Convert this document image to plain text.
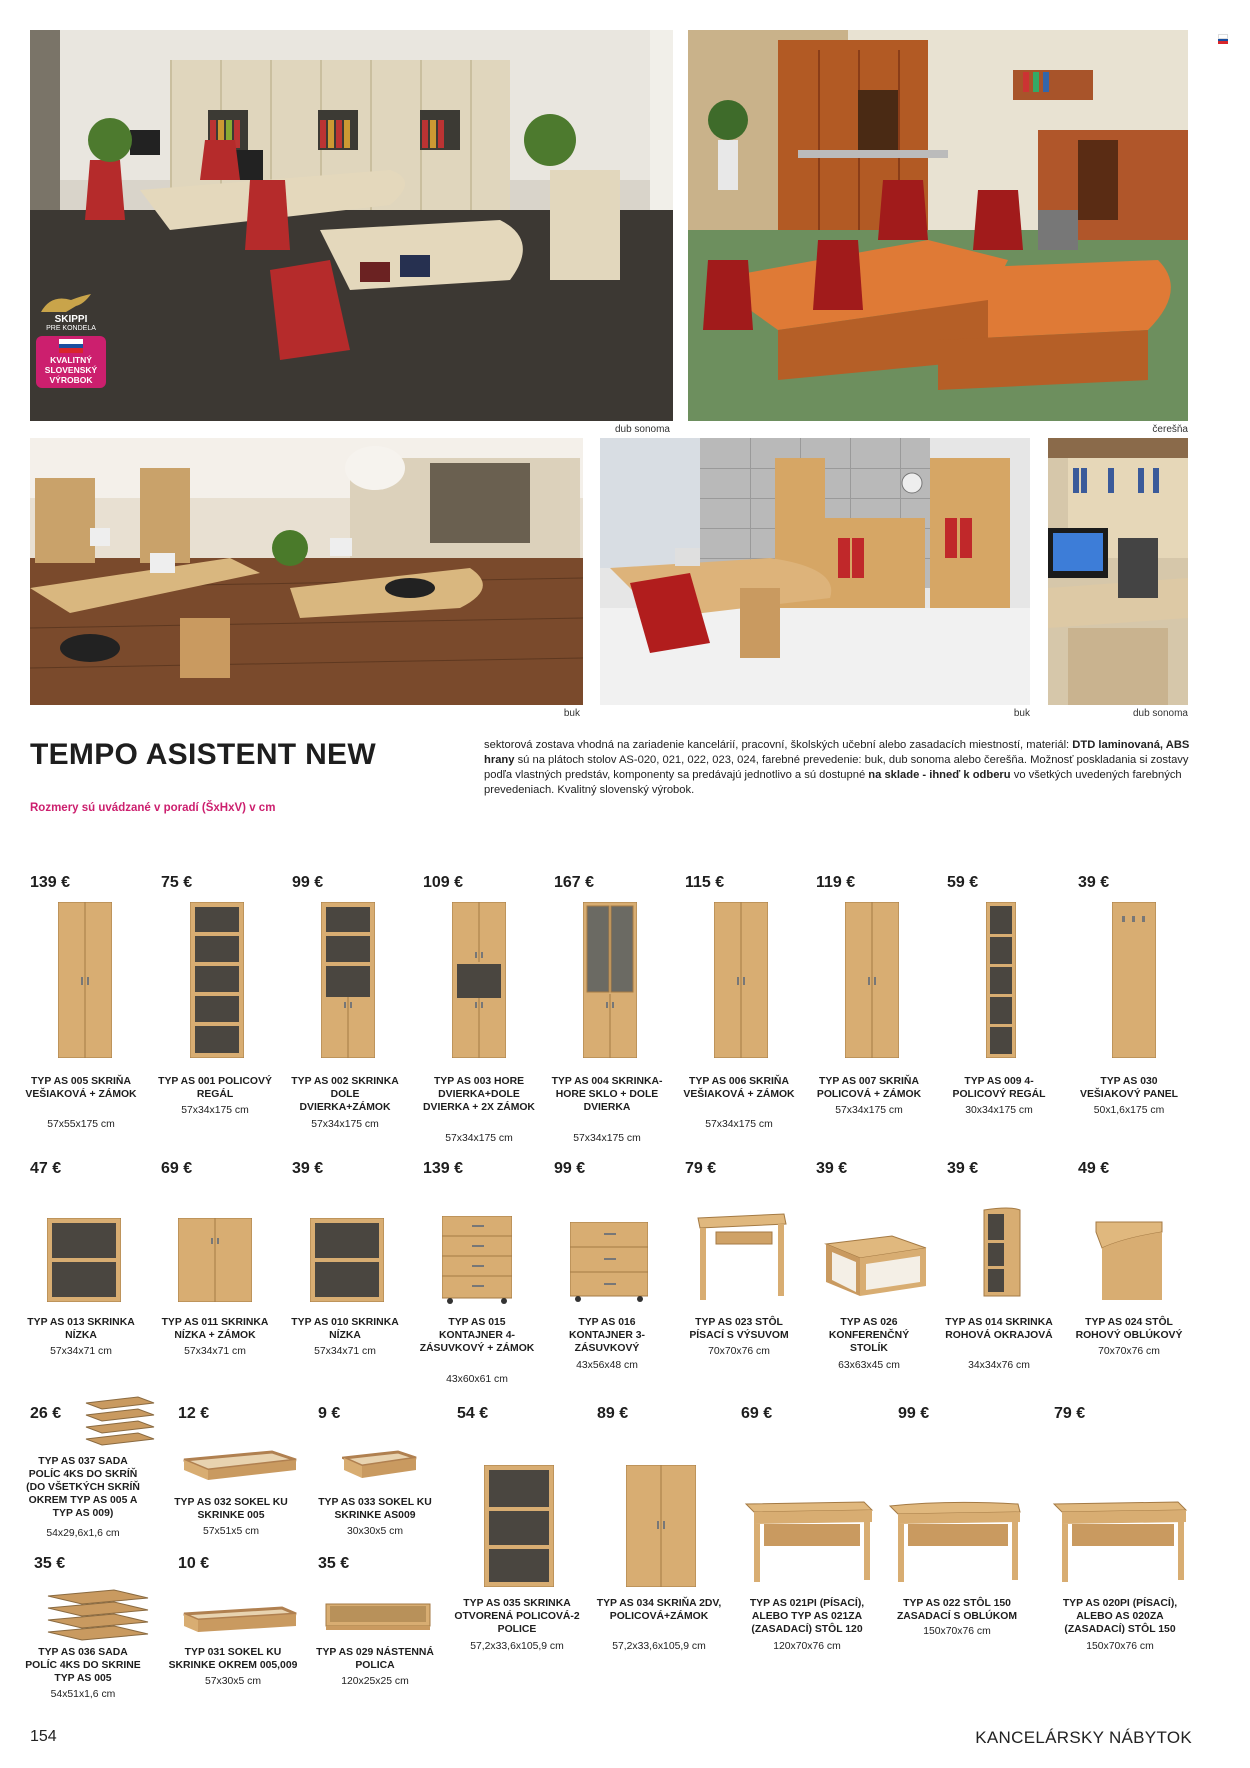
SKIPPI
PRE KONDELA
KVALITNÝ
SLOVENSKÝ
VÝROBOK
dub sonoma	čerešňa
buk	buk	dub sonoma
TEMPO ASISTENT NEW	sektorová zostava vhodná na zariadenie kancelárií, pracovní, školských učební alebo zasadacích miestností, materiál: DTD laminovaná, ABS hrany sú na plátoch stolov AS-020, 021, 022, 023, 024, farebné prevedenie: buk, dub sonoma alebo čerešňa. Možnosť poskladania si zostavy podľa vlastných predstáv, komponenty sa predávajú jednotlivo a sú dostupné na sklade - ihneď k odberu vo všetkých uvedených farebných prevedeniach. Kvalitný slovenský výrobok.
Rozmery sú uvádzané v poradí (ŠxHxV) v cm
139 €
TYP AS 005 SKRIŇA VEŠIAKOVÁ + ZÁMOK
57x55x175 cm
75 €
TYP AS 001 POLICOVÝ REGÁL
57x34x175 cm
99 €
TYP AS 002 SKRINKA DOLE DVIERKA+ZÁMOK
57x34x175 cm
109 €
TYP AS 003 HORE DVIERKA+DOLE DVIERKA + 2X ZÁMOK
57x34x175 cm
167 €
TYP AS 004 SKRINKA-HORE SKLO + DOLE DVIERKA
57x34x175 cm
115 €
TYP AS 006 SKRIŇA VEŠIAKOVÁ + ZÁMOK
57x34x175 cm
119 €
TYP AS 007 SKRIŇA POLICOVÁ + ZÁMOK
57x34x175 cm
59 €
TYP AS 009 4-POLICOVÝ REGÁL
30x34x175 cm
39 €
TYP AS 030 VEŠIAKOVÝ PANEL
50x1,6x175 cm
47 €
TYP AS 013 SKRINKA NÍZKA
57x34x71 cm
69 €
TYP AS 011 SKRINKA NÍZKA + ZÁMOK
57x34x71 cm
39 €
TYP AS 010 SKRINKA NÍZKA
57x34x71 cm
139 €
TYP AS 015 KONTAJNER 4- ZÁSUVKOVÝ + ZÁMOK
43x60x61 cm
99 €
TYP AS 016 KONTAJNER 3-ZÁSUVKOVÝ
43x56x48 cm
79 €
TYP AS 023 STÔL PÍSACÍ S VÝSUVOM
70x70x76 cm
39 €
TYP AS 026 KONFERENČNÝ STOLÍK
63x63x45 cm
39 €
TYP AS 014 SKRINKA ROHOVÁ OKRAJOVÁ
34x34x76 cm
49 €
TYP AS 024 STÔL ROHOVÝ OBLÚKOVÝ
70x70x76 cm
26 €
TYP AS 037 SADA POLÍC 4KS DO SKRÍŇ (DO VŠETKÝCH SKRÍŇ OKREM TYP AS 005 A TYP AS 009)
54x29,6x1,6 cm
12 €
TYP AS 032 SOKEL KU SKRINKE 005
57x51x5 cm
9 €
TYP AS 033 SOKEL KU SKRINKE AS009
30x30x5 cm
35 €
TYP AS 036 SADA POLÍC 4KS DO SKRINE TYP AS 005
54x51x1,6 cm
10 €
TYP 031 SOKEL KU SKRINKE OKREM 005,009
57x30x5 cm
35 €
TYP AS 029 NÁSTENNÁ POLICA
120x25x25 cm
54 €
TYP AS 035 SKRINKA OTVORENÁ POLICOVÁ-2 POLICE
57,2x33,6x105,9 cm
89 €
TYP AS 034 SKRIŇA 2DV, POLICOVÁ+ZÁMOK
57,2x33,6x105,9 cm
69 €
TYP AS 021PI (PÍSACÍ), ALEBO TYP AS 021ZA (ZASADACÍ) STÔL 120
120x70x76 cm
99 €
TYP AS 022 STÔL 150 ZASADACÍ S OBLÚKOM
150x70x76 cm
79 €
TYP AS 020PI (PÍSACÍ), ALEBO AS 020ZA (ZASADACÍ) STÔL 150
150x70x76 cm
154	KANCELÁRSKY NÁBYTOK
